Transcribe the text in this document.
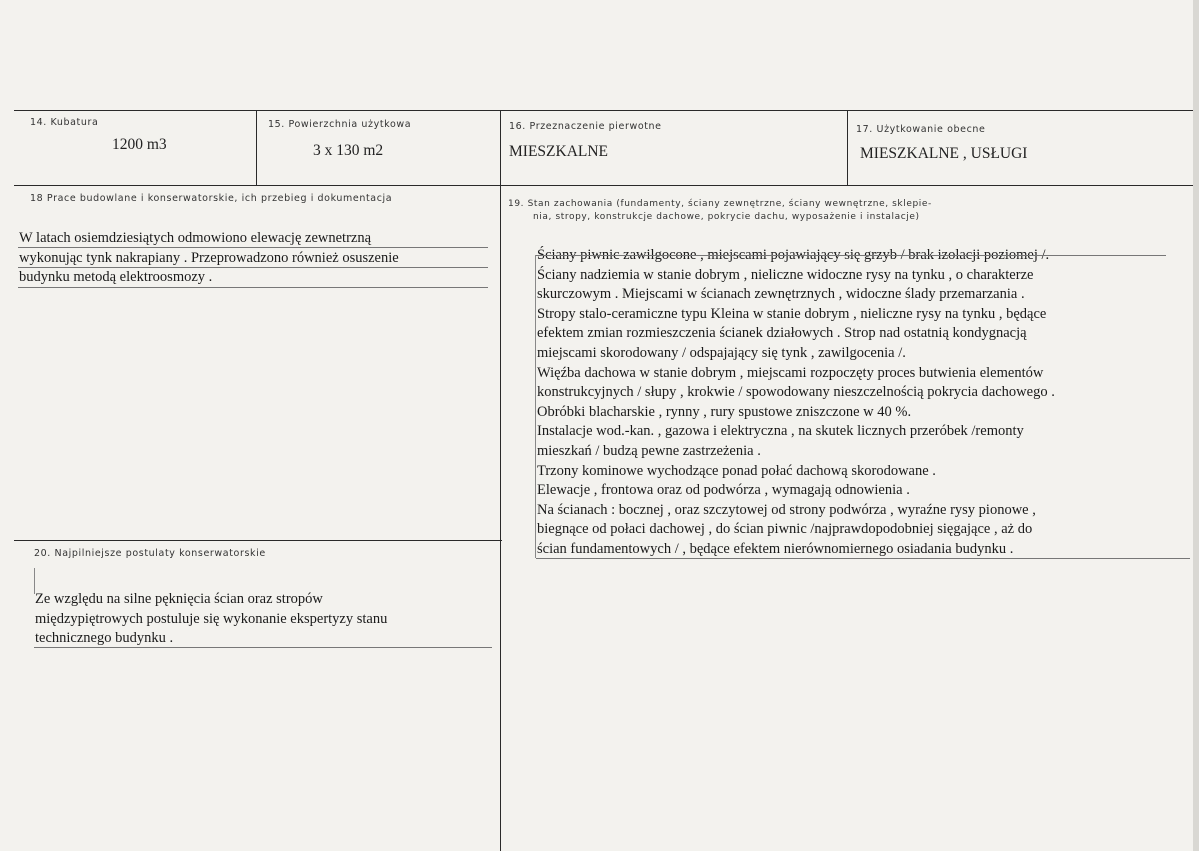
14. Kubatura
1200 m3
15. Powierzchnia użytkowa
3 x 130 m2
16. Przeznaczenie pierwotne
MIESZKALNE
17. Użytkowanie obecne
MIESZKALNE , USŁUGI
18 Prace budowlane i konserwatorskie, ich przebieg i dokumentacja
W latach osiemdziesiątych odmowiono elewację zewnetrzną
wykonując tynk nakrapiany . Przeprowadzono również osuszenie
budynku metodą elektroosmozy .
19. Stan zachowania (fundamenty, ściany zewnętrzne, ściany wewnętrzne, sklepie-
nia, stropy, konstrukcje dachowe, pokrycie dachu, wyposażenie i instalacje)
Ściany piwnic zawilgocone , miejscami pojawiający się grzyb / brak izolacji poziomej /.
Ściany nadziemia w stanie dobrym , nieliczne widoczne rysy na tynku , o charakterze
skurczowym . Miejscami w ścianach zewnętrznych , widoczne ślady przemarzania .
Stropy stalo-ceramiczne typu Kleina w stanie dobrym , nieliczne rysy na tynku , będące
efektem zmian rozmieszczenia ścianek działowych . Strop nad ostatnią kondygnacją
miejscami skorodowany / odspajający się tynk , zawilgocenia /.
Więźba dachowa w stanie dobrym , miejscami rozpoczęty proces butwienia elementów
konstrukcyjnych / słupy , krokwie / spowodowany nieszczelnością pokrycia dachowego .
Obróbki blacharskie , rynny , rury spustowe zniszczone w 40 %.
Instalacje wod.-kan. , gazowa i elektryczna , na skutek licznych przeróbek /remonty
mieszkań / budzą pewne zastrzeżenia .
Trzony kominowe wychodzące ponad połać dachową skorodowane .
Elewacje , frontowa oraz od podwórza , wymagają odnowienia .
Na ścianach : bocznej , oraz szczytowej od strony podwórza , wyraźne rysy pionowe ,
biegnące od połaci dachowej , do ścian piwnic /najprawdopodobniej sięgające , aż do
ścian fundamentowych / , będące efektem nierównomiernego osiadania budynku .
20. Najpilniejsze postulaty konserwatorskie
Ze względu na silne pęknięcia ścian oraz stropów
międzypiętrowych postuluje się wykonanie ekspertyzy stanu
technicznego budynku .
